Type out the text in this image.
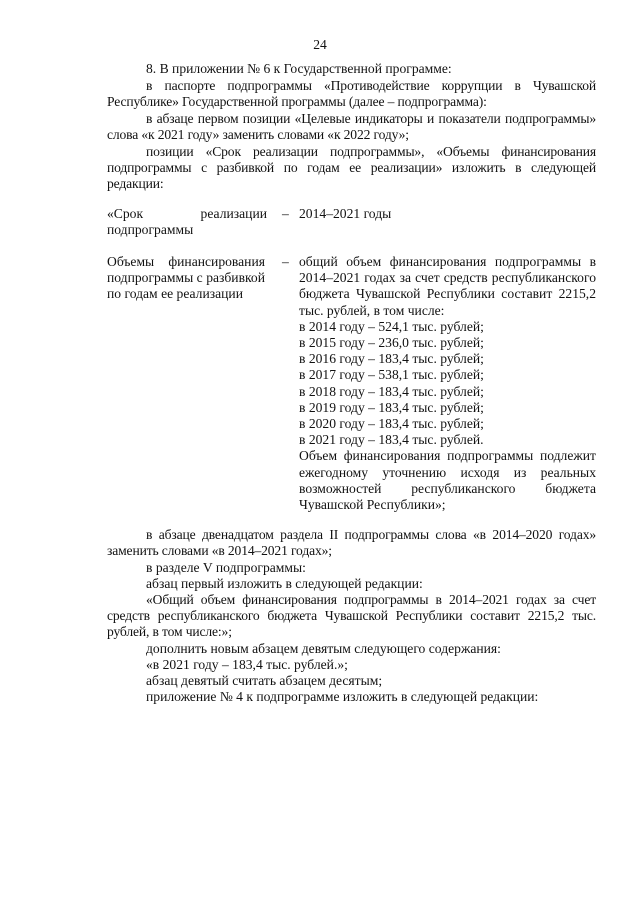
24

8. В приложении № 6 к Государственной программе:

в паспорте подпрограммы «Противодействие коррупции в Чувашской Республике» Государственной программы (далее – подпрограмма):

в абзаце первом позиции «Целевые индикаторы и показатели подпрограммы» слова «к 2021 году» заменить словами «к 2022 году»;

позиции «Срок реализации подпрограммы», «Объемы финансирования подпрограммы с разбивкой по годам ее реализации» изложить в следующей редакции:

«Срок реализации подпрограммы
– 2014–2021 годы
Объемы финансирования подпрограммы с разбивкой по годам ее реализации
– общий объем финансирования подпрограммы в 2014–2021 годах за счет средств республиканского бюджета Чувашской Республики составит 2215,2 тыс. рублей, в том числе:
в 2014 году – 524,1 тыс. рублей;
в 2015 году – 236,0 тыс. рублей;
в 2016 году – 183,4 тыс. рублей;
в 2017 году – 538,1 тыс. рублей;
в 2018 году – 183,4 тыс. рублей;
в 2019 году – 183,4 тыс. рублей;
в 2020 году – 183,4 тыс. рублей;
в 2021 году – 183,4 тыс. рублей.
Объем финансирования подпрограммы подлежит ежегодному уточнению исходя из реальных возможностей республиканского бюджета Чувашской Республики»;

в абзаце двенадцатом раздела II подпрограммы слова «в 2014–2020 годах» заменить словами «в 2014–2021 годах»;

в разделе V подпрограммы:

абзац первый изложить в следующей редакции:

«Общий объем финансирования подпрограммы в 2014–2021 годах за счет средств республиканского бюджета Чувашской Республики составит 2215,2 тыс. рублей, в том числе:»;

дополнить новым абзацем девятым следующего содержания:

«в 2021 году – 183,4 тыс. рублей.»;

абзац девятый считать абзацем десятым;

приложение № 4 к подпрограмме изложить в следующей редакции:
